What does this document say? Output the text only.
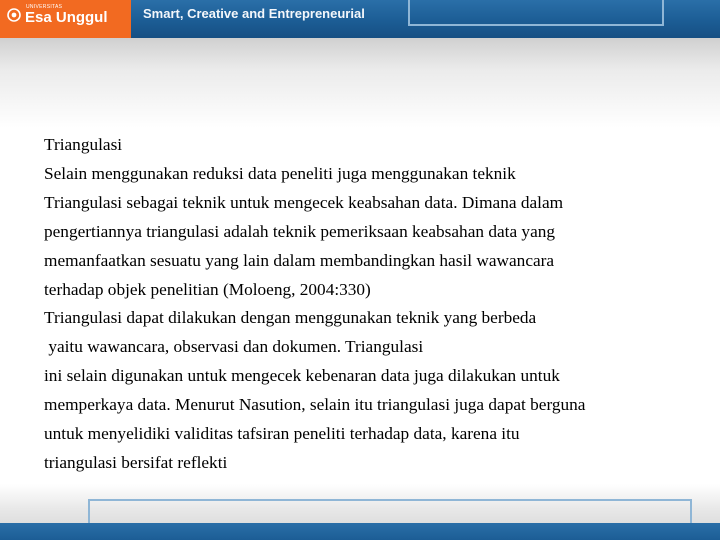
UNIVERSITAS
Esa Unggul	Smart, Creative and Entrepreneurial
Triangulasi
Selain menggunakan reduksi data peneliti juga menggunakan teknik
Triangulasi sebagai teknik untuk mengecek keabsahan data. Dimana dalam
pengertiannya triangulasi adalah teknik pemeriksaan keabsahan data yang
memanfaatkan sesuatu yang lain dalam membandingkan hasil wawancara
terhadap objek penelitian (Moloeng, 2004:330)
Triangulasi dapat dilakukan dengan menggunakan teknik yang berbeda
yaitu wawancara, observasi dan dokumen. Triangulasi
ini selain digunakan untuk mengecek kebenaran data juga dilakukan untuk
memperkaya data. Menurut Nasution, selain itu triangulasi juga dapat berguna
untuk menyelidiki validitas tafsiran peneliti terhadap data, karena itu
triangulasi bersifat reflekti
